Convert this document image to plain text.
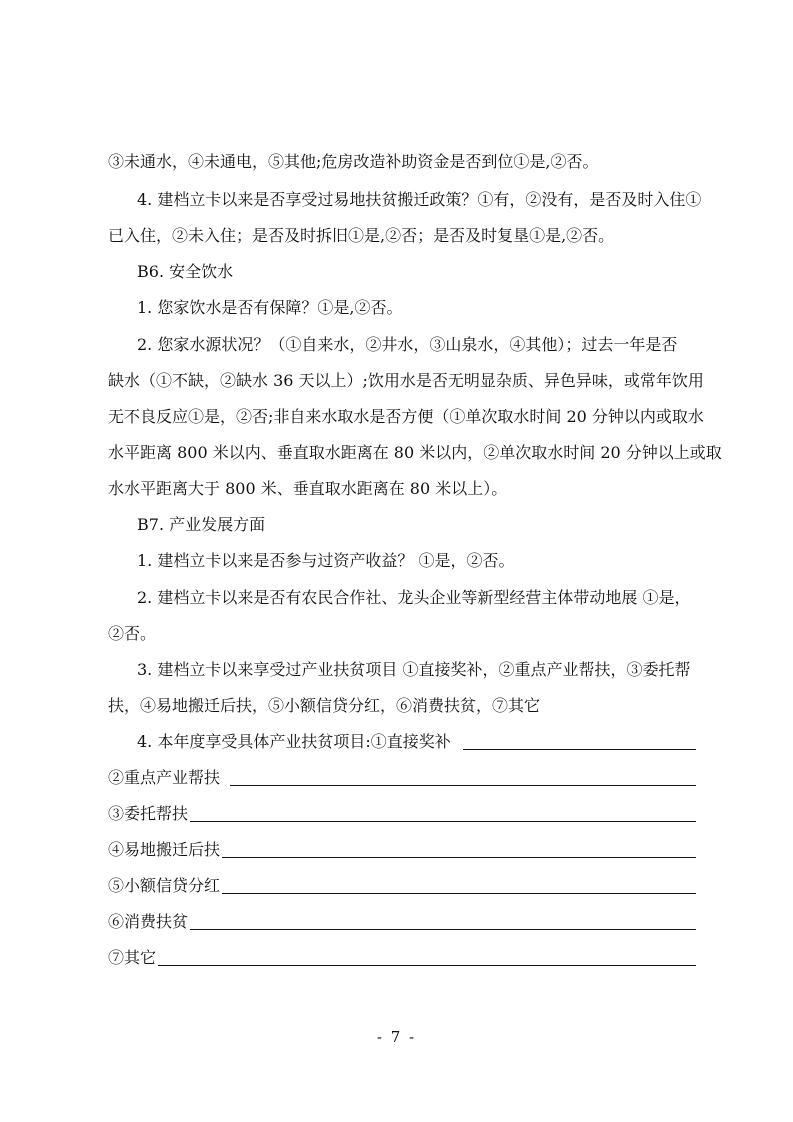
③未通水，④未通电，⑤其他;危房改造补助资金是否到位①是,②否。
4. 建档立卡以来是否享受过易地扶贫搬迁政策？①有，②没有，是否及时入住①
已入住，②未入住；是否及时拆旧①是,②否；是否及时复垦①是,②否。
B6. 安全饮水
1. 您家饮水是否有保障？①是,②否。
2. 您家水源状况？（①自来水，②井水，③山泉水，④其他）；过去一年是否
缺水（①不缺，②缺水 36 天以上）;饮用水是否无明显杂质、异色异味，或常年饮用
无不良反应①是，②否;非自来水取水是否方便（①单次取水时间 20 分钟以内或取水
水平距离 800 米以内、垂直取水距离在 80 米以内，②单次取水时间 20 分钟以上或取
水水平距离大于 800 米、垂直取水距离在 80 米以上）。
B7. 产业发展方面
1. 建档立卡以来是否参与过资产收益？ ①是，②否。
2. 建档立卡以来是否有农民合作社、龙头企业等新型经营主体带动地展 ①是，
②否。
3. 建档立卡以来享受过产业扶贫项目 ①直接奖补，②重点产业帮扶，③委托帮
扶，④易地搬迁后扶，⑤小额信贷分红，⑥消费扶贫，⑦其它
4. 本年度享受具体产业扶贫项目:①直接奖补
②重点产业帮扶
③委托帮扶
④易地搬迁后扶
⑤小额信贷分红
⑥消费扶贫
⑦其它
- 7 -
